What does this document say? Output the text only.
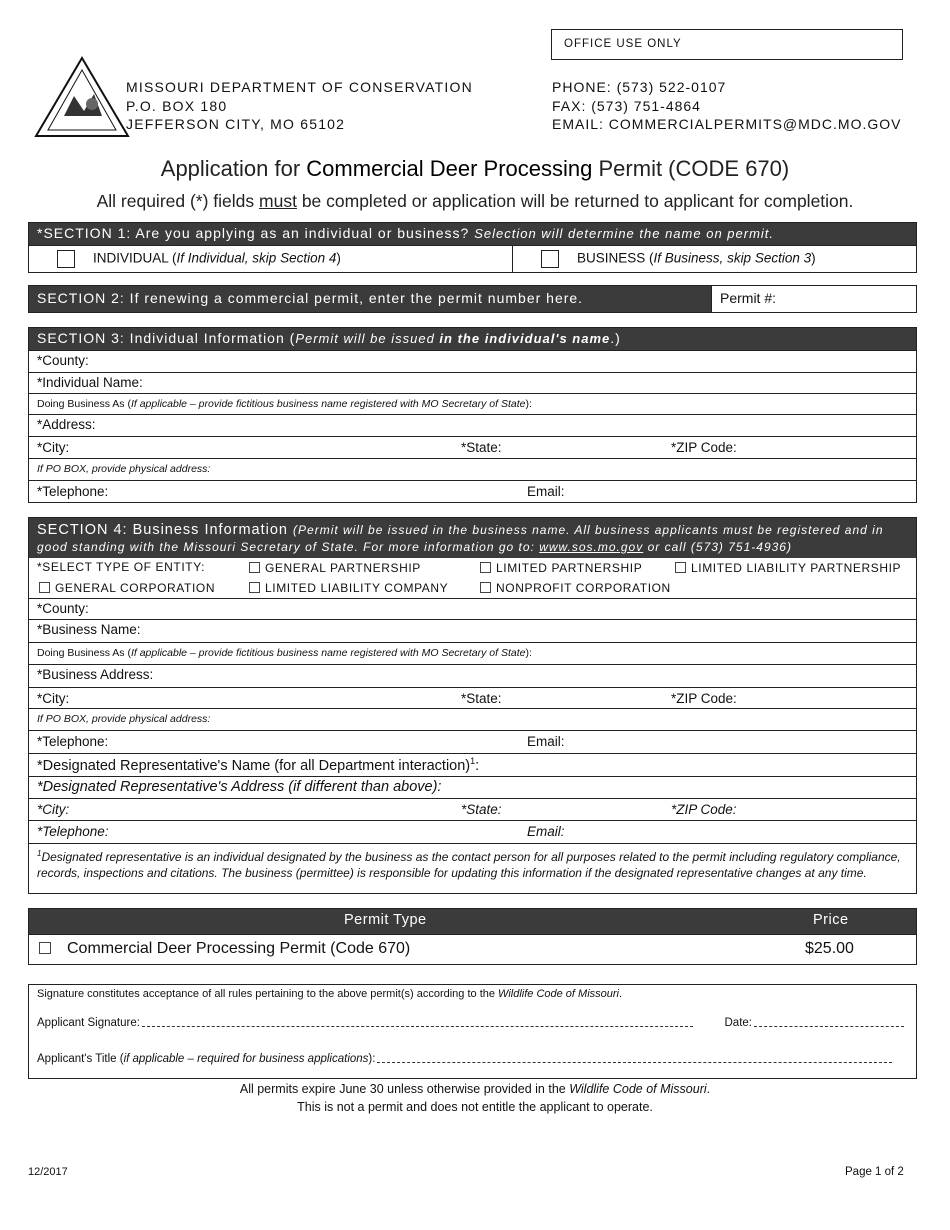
OFFICE USE ONLY
MISSOURI DEPARTMENT OF CONSERVATION
P.O. BOX 180
JEFFERSON CITY, MO 65102
PHONE: (573) 522-0107
FAX: (573) 751-4864
EMAIL: COMMERCIALPERMITS@MDC.MO.GOV
Application for Commercial Deer Processing Permit (CODE 670)
All required (*) fields must be completed or application will be returned to applicant for completion.
*SECTION 1: Are you applying as an individual or business? Selection will determine the name on permit.
INDIVIDUAL (If Individual, skip Section 4)	BUSINESS (If Business, skip Section 3)
SECTION 2: If renewing a commercial permit, enter the permit number here.	Permit #:
SECTION 3: Individual Information (Permit will be issued in the individual's name.)
*County:
*Individual Name:
Doing Business As (If applicable – provide fictitious business name registered with MO Secretary of State):
*Address:
*City:	*State:	*ZIP Code:
If PO BOX, provide physical address:
*Telephone:	Email:
SECTION 4: Business Information (Permit will be issued in the business name. All business applicants must be registered and in good standing with the Missouri Secretary of State. For more information go to: www.sos.mo.gov or call (573) 751-4936)
*SELECT TYPE OF ENTITY:	GENERAL PARTNERSHIP	LIMITED PARTNERSHIP	LIMITED LIABILITY PARTNERSHIP
GENERAL CORPORATION	LIMITED LIABILITY COMPANY	NONPROFIT CORPORATION
*County:
*Business Name:
Doing Business As (If applicable – provide fictitious business name registered with MO Secretary of State):
*Business Address:
*City:	*State:	*ZIP Code:
If PO BOX, provide physical address:
*Telephone:	Email:
*Designated Representative's Name (for all Department interaction)$^1$:
*Designated Representative's Address (if different than above):
*City:	*State:	*ZIP Code:
*Telephone:	Email:
$^1$Designated representative is an individual designated by the business as the contact person for all purposes related to the permit including regulatory compliance, records, inspections and citations. The business (permittee) is responsible for updating this information if the designated representative changes at any time.
Permit Type	Price
Commercial Deer Processing Permit (Code 670)	$25.00
Signature constitutes acceptance of all rules pertaining to the above permit(s) according to the Wildlife Code of Missouri.
Applicant Signature:	Date:
Applicant's Title (if applicable – required for business applications):
All permits expire June 30 unless otherwise provided in the Wildlife Code of Missouri.
This is not a permit and does not entitle the applicant to operate.
12/2017	Page 1 of 2
